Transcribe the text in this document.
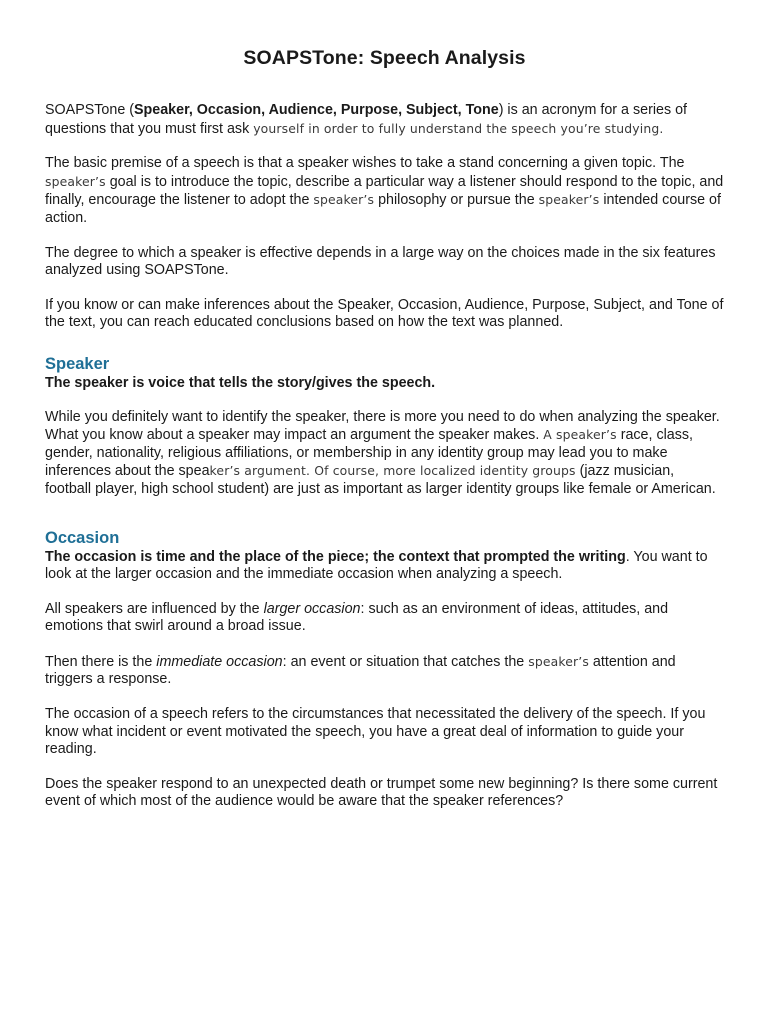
SOAPSTone: Speech Analysis

SOAPSTone (Speaker, Occasion, Audience, Purpose, Subject, Tone) is an acronym for a series of questions that you must first ask yourself in order to fully understand the speech you’re studying.

The basic premise of a speech is that a speaker wishes to take a stand concerning a given topic. The speaker’s goal is to introduce the topic, describe a particular way a listener should respond to the topic, and finally, encourage the listener to adopt the speaker’s philosophy or pursue the speaker’s intended course of action.

The degree to which a speaker is effective depends in a large way on the choices made in the six features analyzed using SOAPSTone.

If you know or can make inferences about the Speaker, Occasion, Audience, Purpose, Subject, and Tone of the text, you can reach educated conclusions based on how the text was planned.

Speaker

The speaker is voice that tells the story/gives the speech.

While you definitely want to identify the speaker, there is more you need to do when analyzing the speaker. What you know about a speaker may impact an argument the speaker makes. A speaker’s race, class, gender, nationality, religious affiliations, or membership in any identity group may lead you to make inferences about the speaker’s argument. Of course, more localized identity groups (jazz musician, football player, high school student) are just as important as larger identity groups like female or American.

Occasion

The occasion is time and the place of the piece; the context that prompted the writing. You want to look at the larger occasion and the immediate occasion when analyzing a speech.

All speakers are influenced by the larger occasion: such as an environment of ideas, attitudes, and emotions that swirl around a broad issue.

Then there is the immediate occasion: an event or situation that catches the speaker’s attention and triggers a response.

The occasion of a speech refers to the circumstances that necessitated the delivery of the speech. If you know what incident or event motivated the speech, you have a great deal of information to guide your reading.

Does the speaker respond to an unexpected death or trumpet some new beginning? Is there some current event of which most of the audience would be aware that the speaker references?
